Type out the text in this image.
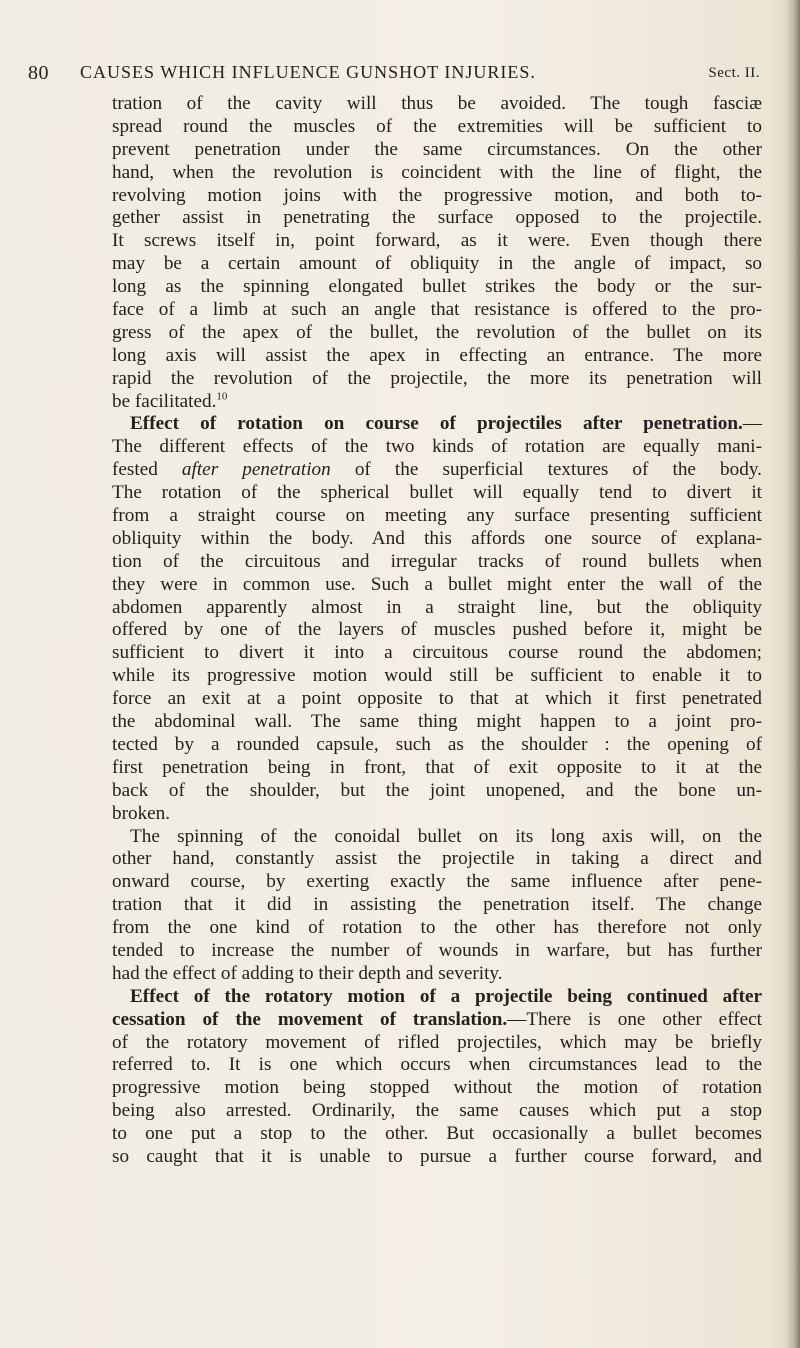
80 CAUSES WHICH INFLUENCE GUNSHOT INJURIES.	Sect. II.
tration of the cavity will thus be avoided. The tough fasciæ
spread round the muscles of the extremities will be sufficient to
prevent penetration under the same circumstances. On the other
hand, when the revolution is coincident with the line of flight, the
revolving motion joins with the progressive motion, and both to-
gether assist in penetrating the surface opposed to the projectile.
It screws itself in, point forward, as it were. Even though there
may be a certain amount of obliquity in the angle of impact, so
long as the spinning elongated bullet strikes the body or the sur-
face of a limb at such an angle that resistance is offered to the pro-
gress of the apex of the bullet, the revolution of the bullet on its
long axis will assist the apex in effecting an entrance. The more
rapid the revolution of the projectile, the more its penetration will
be facilitated.$^{10}$
Effect of rotation on course of projectiles after penetration.—
The different effects of the two kinds of rotation are equally mani-
fested after penetration of the superficial textures of the body.
The rotation of the spherical bullet will equally tend to divert it
from a straight course on meeting any surface presenting sufficient
obliquity within the body. And this affords one source of explana-
tion of the circuitous and irregular tracks of round bullets when
they were in common use. Such a bullet might enter the wall of the
abdomen apparently almost in a straight line, but the obliquity
offered by one of the layers of muscles pushed before it, might be
sufficient to divert it into a circuitous course round the abdomen;
while its progressive motion would still be sufficient to enable it to
force an exit at a point opposite to that at which it first penetrated
the abdominal wall. The same thing might happen to a joint pro-
tected by a rounded capsule, such as the shoulder : the opening of
first penetration being in front, that of exit opposite to it at the
back of the shoulder, but the joint unopened, and the bone un-
broken.
The spinning of the conoidal bullet on its long axis will, on the
other hand, constantly assist the projectile in taking a direct and
onward course, by exerting exactly the same influence after pene-
tration that it did in assisting the penetration itself. The change
from the one kind of rotation to the other has therefore not only
tended to increase the number of wounds in warfare, but has further
had the effect of adding to their depth and severity.
Effect of the rotatory motion of a projectile being continued after
cessation of the movement of translation.—There is one other effect
of the rotatory movement of rifled projectiles, which may be briefly
referred to. It is one which occurs when circumstances lead to the
progressive motion being stopped without the motion of rotation
being also arrested. Ordinarily, the same causes which put a stop
to one put a stop to the other. But occasionally a bullet becomes
so caught that it is unable to pursue a further course forward, and
